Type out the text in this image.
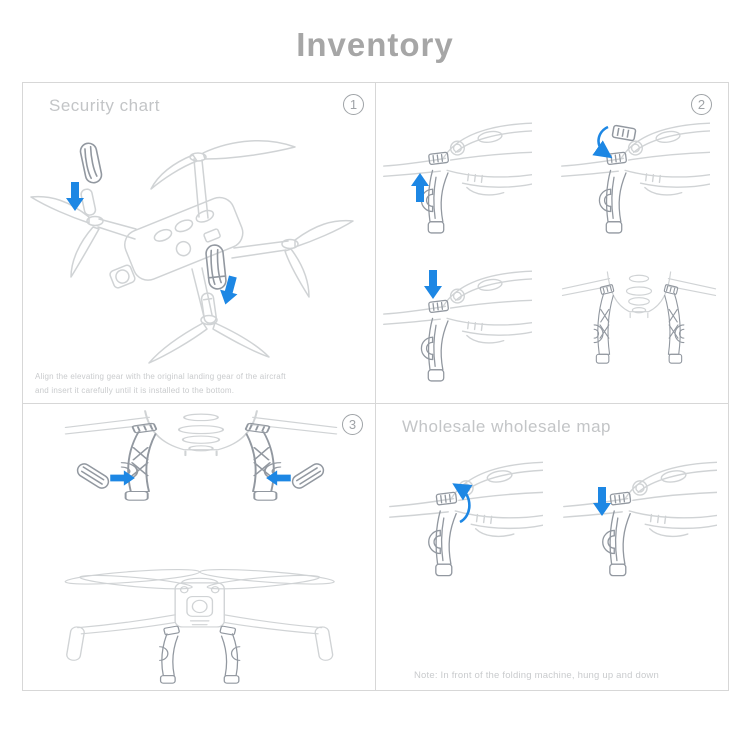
Inventory
Security chart	1
Align the elevating gear with the original landing gear of the aircraft
and insert it carefully until it is installed to the bottom.
2
3	Wholesale wholesale map
Note: In front of the folding machine, hung up and down
